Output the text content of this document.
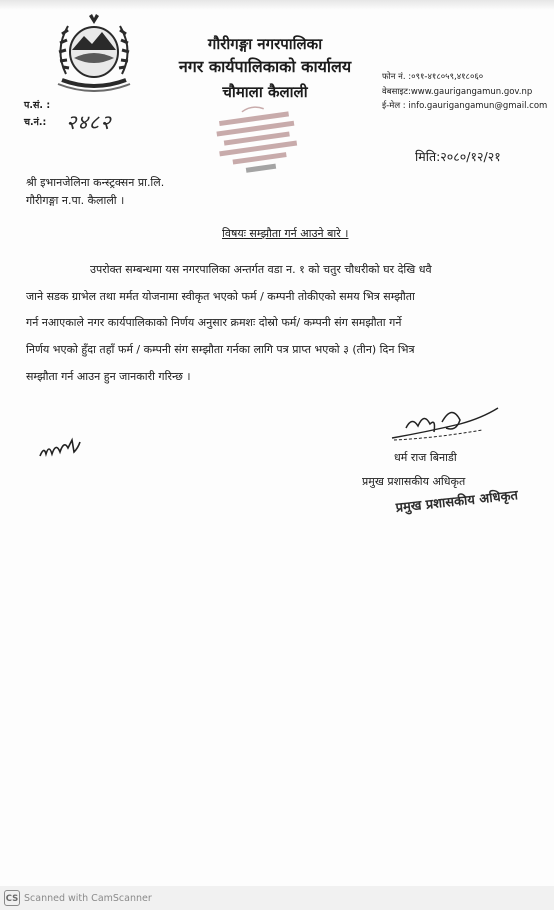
गौरीगङ्गा नगरपालिका
नगर कार्यपालिकाको कार्यालय
चौमाला कैलाली
फोन नं. :०९१-४१८०५९,४१८०६०
वेबसाइट:www.gaurigangamun.gov.np
ई-मेल : info.gaurigangamun@gmail.com
प.सं. :
च.नं.: २४८२
मिति:२०८०/१२/२१
श्री इभानजेलिना कन्स्ट्रक्सन प्रा.लि.
गौरीगङ्गा न.पा. कैलाली ।
विषयः सम्झौता गर्न आउने बारे ।
उपरोक्त सम्बन्धमा यस नगरपालिका अन्तर्गत वडा न. १ को चतुर चौधरीको घर देखि धवै
जाने सडक ग्राभेल तथा मर्मत योजनामा स्वीकृत भएको फर्म / कम्पनी तोकीएको समय भित्र सम्झौता
गर्न नआएकाले नगर कार्यपालिकाको निर्णय अनुसार क्रमशः दोस्रो फर्म/ कम्पनी संग समझौता गर्ने
निर्णय भएको हुँदा तहाँ फर्म / कम्पनी संग सम्झौता गर्नका लागि पत्र प्राप्त भएको ३ (तीन) दिन भित्र
सम्झौता गर्न आउन हुन जानकारी गरिन्छ ।
धर्म राज बिनाडी
प्रमुख प्रशासकीय अधिकृत
प्रमुख प्रशासकीय अधिकृत
CS Scanned with CamScanner
